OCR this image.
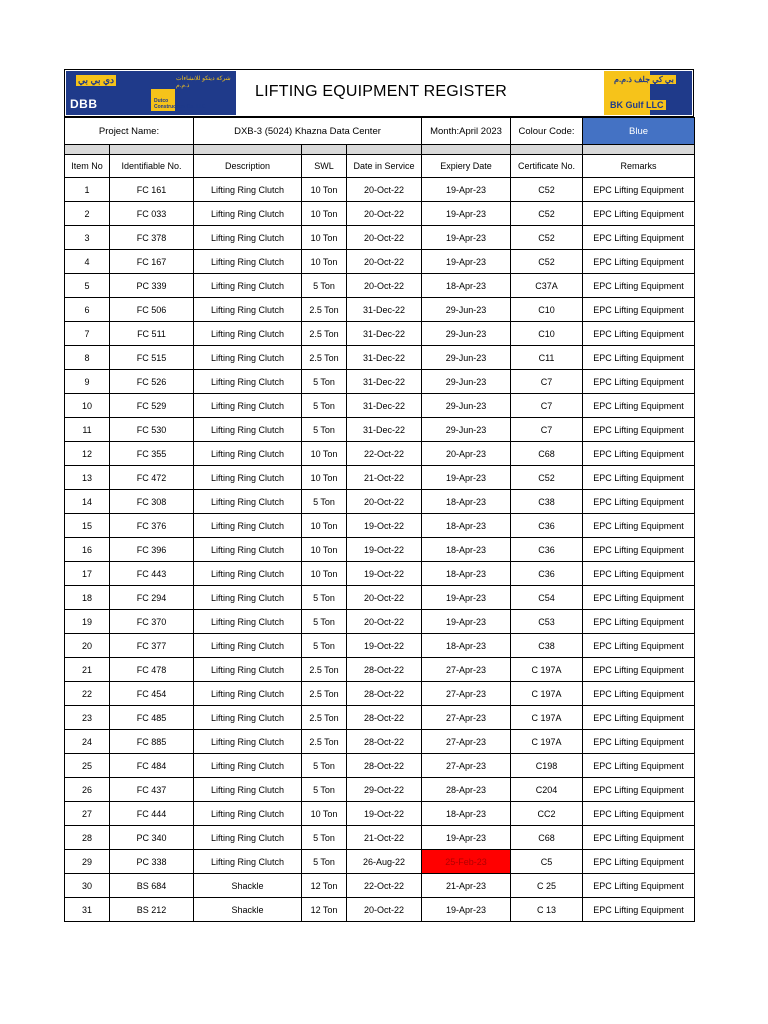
دي بي بي
DBB
شركة ديتكو للانشاءات ذ.م.م
Dutco
Construction Co. LLC
LIFTING EQUIPMENT REGISTER
بي كي جلف ذ.م.م
BK Gulf LLC
Project Name:		DXB-3 (5024) Khazna Data Center			Month:April 2023	Colour Code:	Blue

Item No	Identifiable No.	Description	SWL	Date in Service	Expiery Date	Certificate No.	Remarks
1	FC 161	Lifting Ring Clutch	10 Ton	20-Oct-22	19-Apr-23	C52	EPC Lifting Equipment
2	FC 033	Lifting Ring Clutch	10 Ton	20-Oct-22	19-Apr-23	C52	EPC Lifting Equipment
3	FC 378	Lifting Ring Clutch	10 Ton	20-Oct-22	19-Apr-23	C52	EPC Lifting Equipment
4	FC 167	Lifting Ring Clutch	10 Ton	20-Oct-22	19-Apr-23	C52	EPC Lifting Equipment
5	PC 339	Lifting Ring Clutch	5 Ton	20-Oct-22	18-Apr-23	C37A	EPC Lifting Equipment
6	FC 506	Lifting Ring Clutch	2.5 Ton	31-Dec-22	29-Jun-23	C10	EPC Lifting Equipment
7	FC 511	Lifting Ring Clutch	2.5 Ton	31-Dec-22	29-Jun-23	C10	EPC Lifting Equipment
8	FC 515	Lifting Ring Clutch	2.5 Ton	31-Dec-22	29-Jun-23	C11	EPC Lifting Equipment
9	FC 526	Lifting Ring Clutch	5 Ton	31-Dec-22	29-Jun-23	C7	EPC Lifting Equipment
10	FC 529	Lifting Ring Clutch	5 Ton	31-Dec-22	29-Jun-23	C7	EPC Lifting Equipment
11	FC 530	Lifting Ring Clutch	5 Ton	31-Dec-22	29-Jun-23	C7	EPC Lifting Equipment
12	FC 355	Lifting Ring Clutch	10 Ton	22-Oct-22	20-Apr-23	C68	EPC Lifting Equipment
13	FC 472	Lifting Ring Clutch	10 Ton	21-Oct-22	19-Apr-23	C52	EPC Lifting Equipment
14	FC 308	Lifting Ring Clutch	5 Ton	20-Oct-22	18-Apr-23	C38	EPC Lifting Equipment
15	FC 376	Lifting Ring Clutch	10 Ton	19-Oct-22	18-Apr-23	C36	EPC Lifting Equipment
16	FC 396	Lifting Ring Clutch	10 Ton	19-Oct-22	18-Apr-23	C36	EPC Lifting Equipment
17	FC 443	Lifting Ring Clutch	10 Ton	19-Oct-22	18-Apr-23	C36	EPC Lifting Equipment
18	FC 294	Lifting Ring Clutch	5 Ton	20-Oct-22	19-Apr-23	C54	EPC Lifting Equipment
19	FC 370	Lifting Ring Clutch	5 Ton	20-Oct-22	19-Apr-23	C53	EPC Lifting Equipment
20	FC 377	Lifting Ring Clutch	5 Ton	19-Oct-22	18-Apr-23	C38	EPC Lifting Equipment
21	FC 478	Lifting Ring Clutch	2.5 Ton	28-Oct-22	27-Apr-23	C 197A	EPC Lifting Equipment
22	FC 454	Lifting Ring Clutch	2.5 Ton	28-Oct-22	27-Apr-23	C 197A	EPC Lifting Equipment
23	FC 485	Lifting Ring Clutch	2.5 Ton	28-Oct-22	27-Apr-23	C 197A	EPC Lifting Equipment
24	FC 885	Lifting Ring Clutch	2.5 Ton	28-Oct-22	27-Apr-23	C 197A	EPC Lifting Equipment
25	FC 484	Lifting Ring Clutch	5 Ton	28-Oct-22	27-Apr-23	C198	EPC Lifting Equipment
26	FC 437	Lifting Ring Clutch	5 Ton	29-Oct-22	28-Apr-23	C204	EPC Lifting Equipment
27	FC 444	Lifting Ring Clutch	10 Ton	19-Oct-22	18-Apr-23	CC2	EPC Lifting Equipment
28	PC 340	Lifting Ring Clutch	5 Ton	21-Oct-22	19-Apr-23	C68	EPC Lifting Equipment
29	PC 338	Lifting Ring Clutch	5 Ton	26-Aug-22	25-Feb-23	C5	EPC Lifting Equipment
30	BS 684	Shackle	12 Ton	22-Oct-22	21-Apr-23	C 25	EPC Lifting Equipment
31	BS 212	Shackle	12 Ton	20-Oct-22	19-Apr-23	C 13	EPC Lifting Equipment
